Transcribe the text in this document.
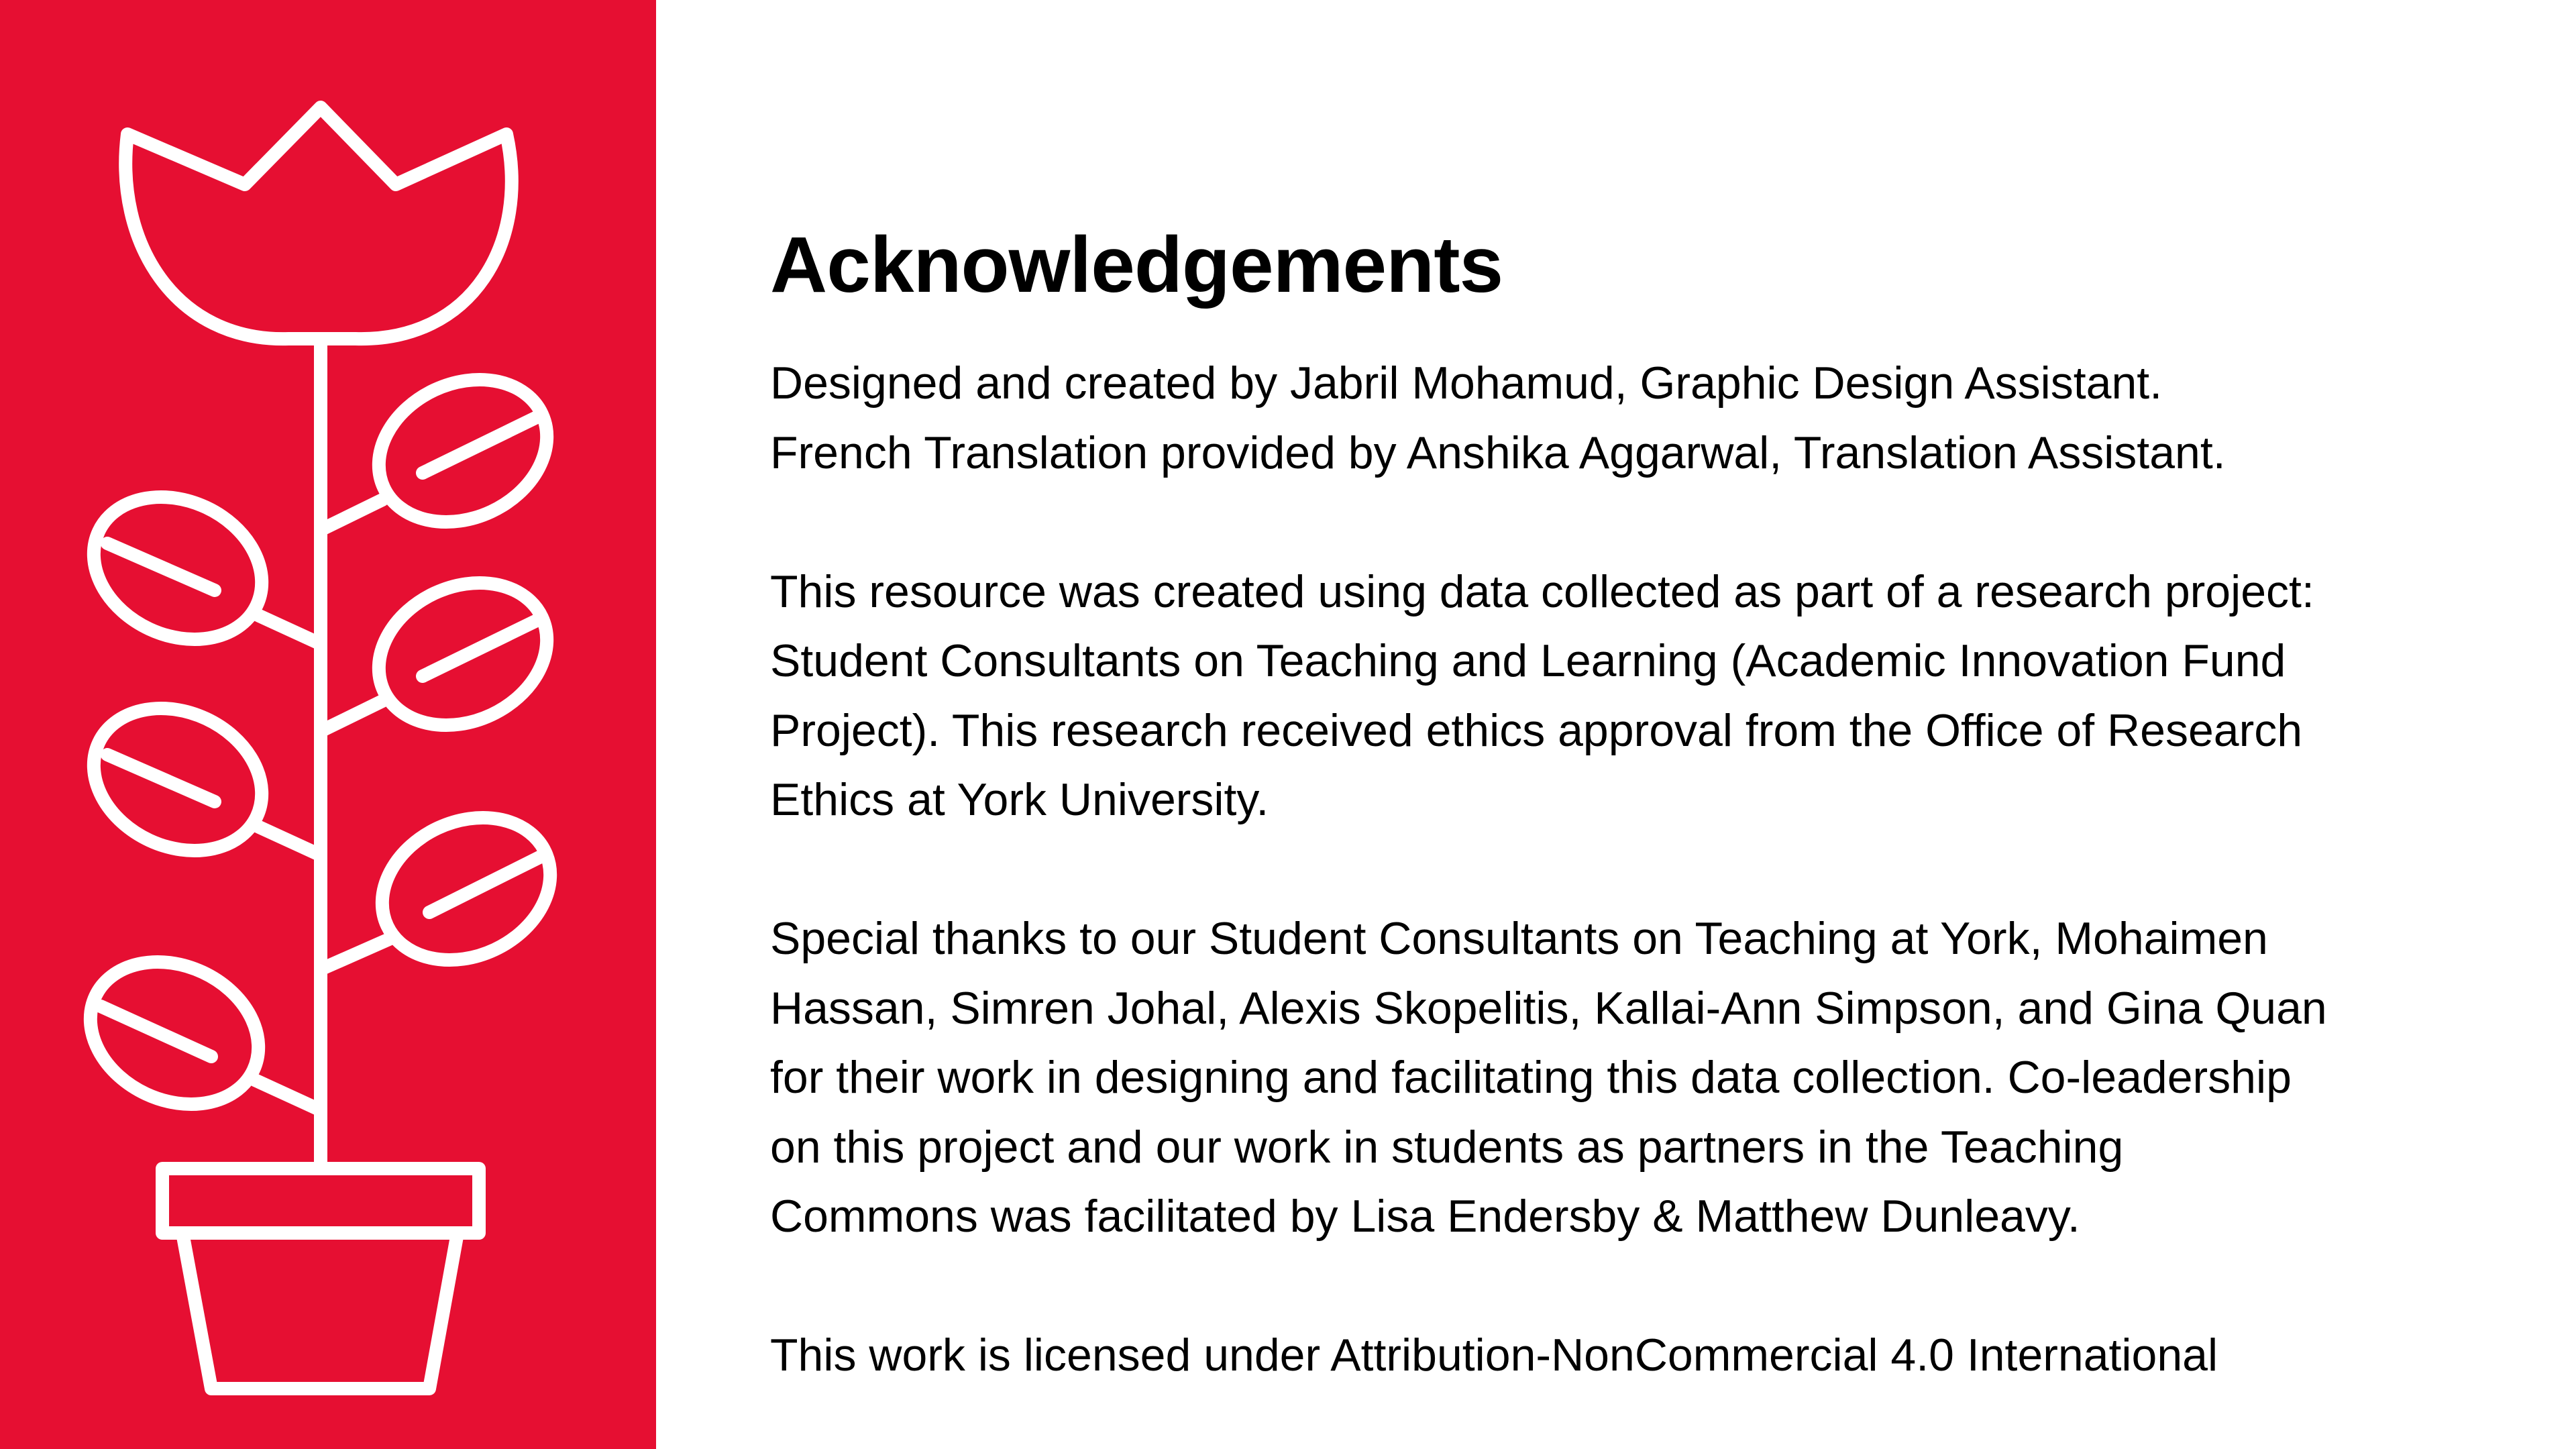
Acknowledgements

Designed and created by Jabril Mohamud, Graphic Design Assistant.
French Translation provided by Anshika Aggarwal, Translation Assistant.

This resource was created using data collected as part of a research project:
Student Consultants on Teaching and Learning (Academic Innovation Fund
Project). This research received ethics approval from the Office of Research
Ethics at York University.

Special thanks to our Student Consultants on Teaching at York, Mohaimen
Hassan, Simren Johal, Alexis Skopelitis, Kallai-Ann Simpson, and Gina Quan
for their work in designing and facilitating this data collection. Co-leadership
on this project and our work in students as partners in the Teaching
Commons was facilitated by Lisa Endersby & Matthew Dunleavy.

This work is licensed under Attribution-NonCommercial 4.0 International
